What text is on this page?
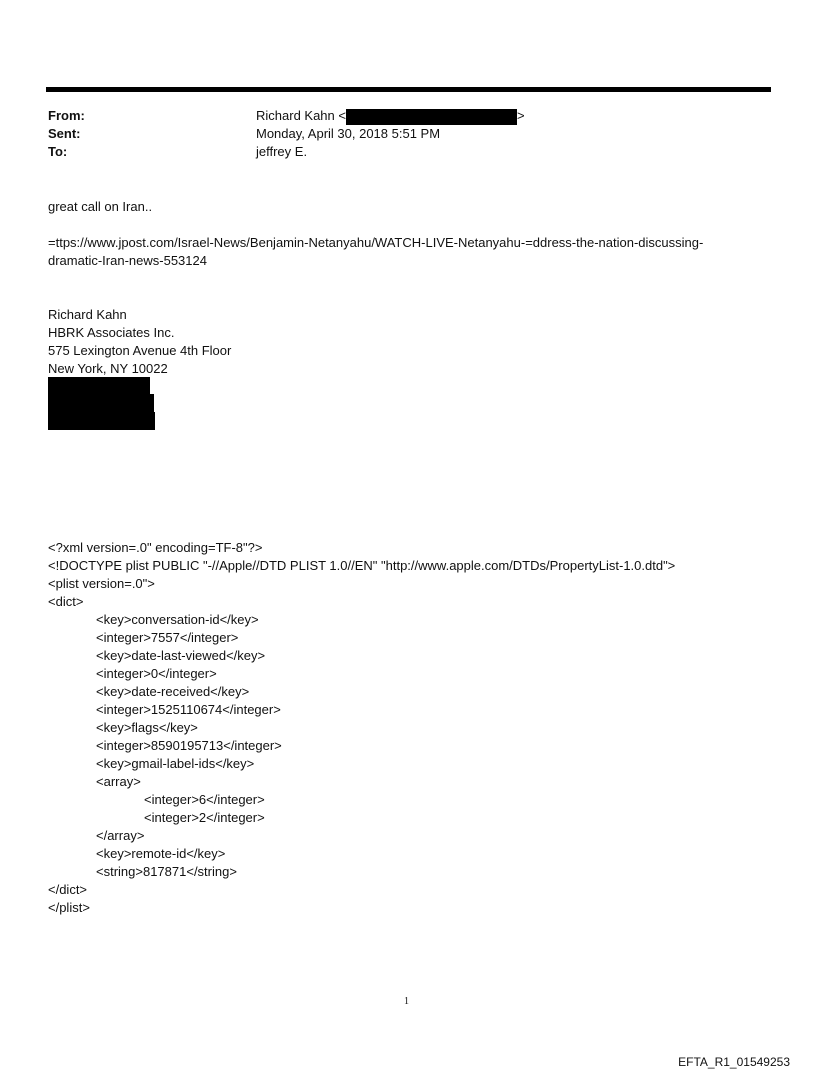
From:	Richard Kahn <	>
Sent:	Monday, April 30, 2018 5:51 PM
To:	jeffrey E.
great call on Iran..
=ttps://www.jpost.com/Israel-News/Benjamin-Netanyahu/WATCH-LIVE-Netanyahu-=ddress-the-nation-discussing-
dramatic-Iran-news-553124
Richard Kahn
HBRK Associates Inc.
575 Lexington Avenue 4th Floor
New York, NY 10022
<?xml version=.0" encoding=TF-8"?>
<!DOCTYPE plist PUBLIC "-//Apple//DTD PLIST 1.0//EN" "http://www.apple.com/DTDs/PropertyList-1.0.dtd">
<plist version=.0">
<dict>
<key>conversation-id</key>
<integer>7557</integer>
<key>date-last-viewed</key>
<integer>0</integer>
<key>date-received</key>
<integer>1525110674</integer>
<key>flags</key>
<integer>8590195713</integer>
<key>gmail-label-ids</key>
<array>
<integer>6</integer>
<integer>2</integer>
</array>
<key>remote-id</key>
<string>817871</string>
</dict>
</plist>
1
EFTA_R1_01549253
